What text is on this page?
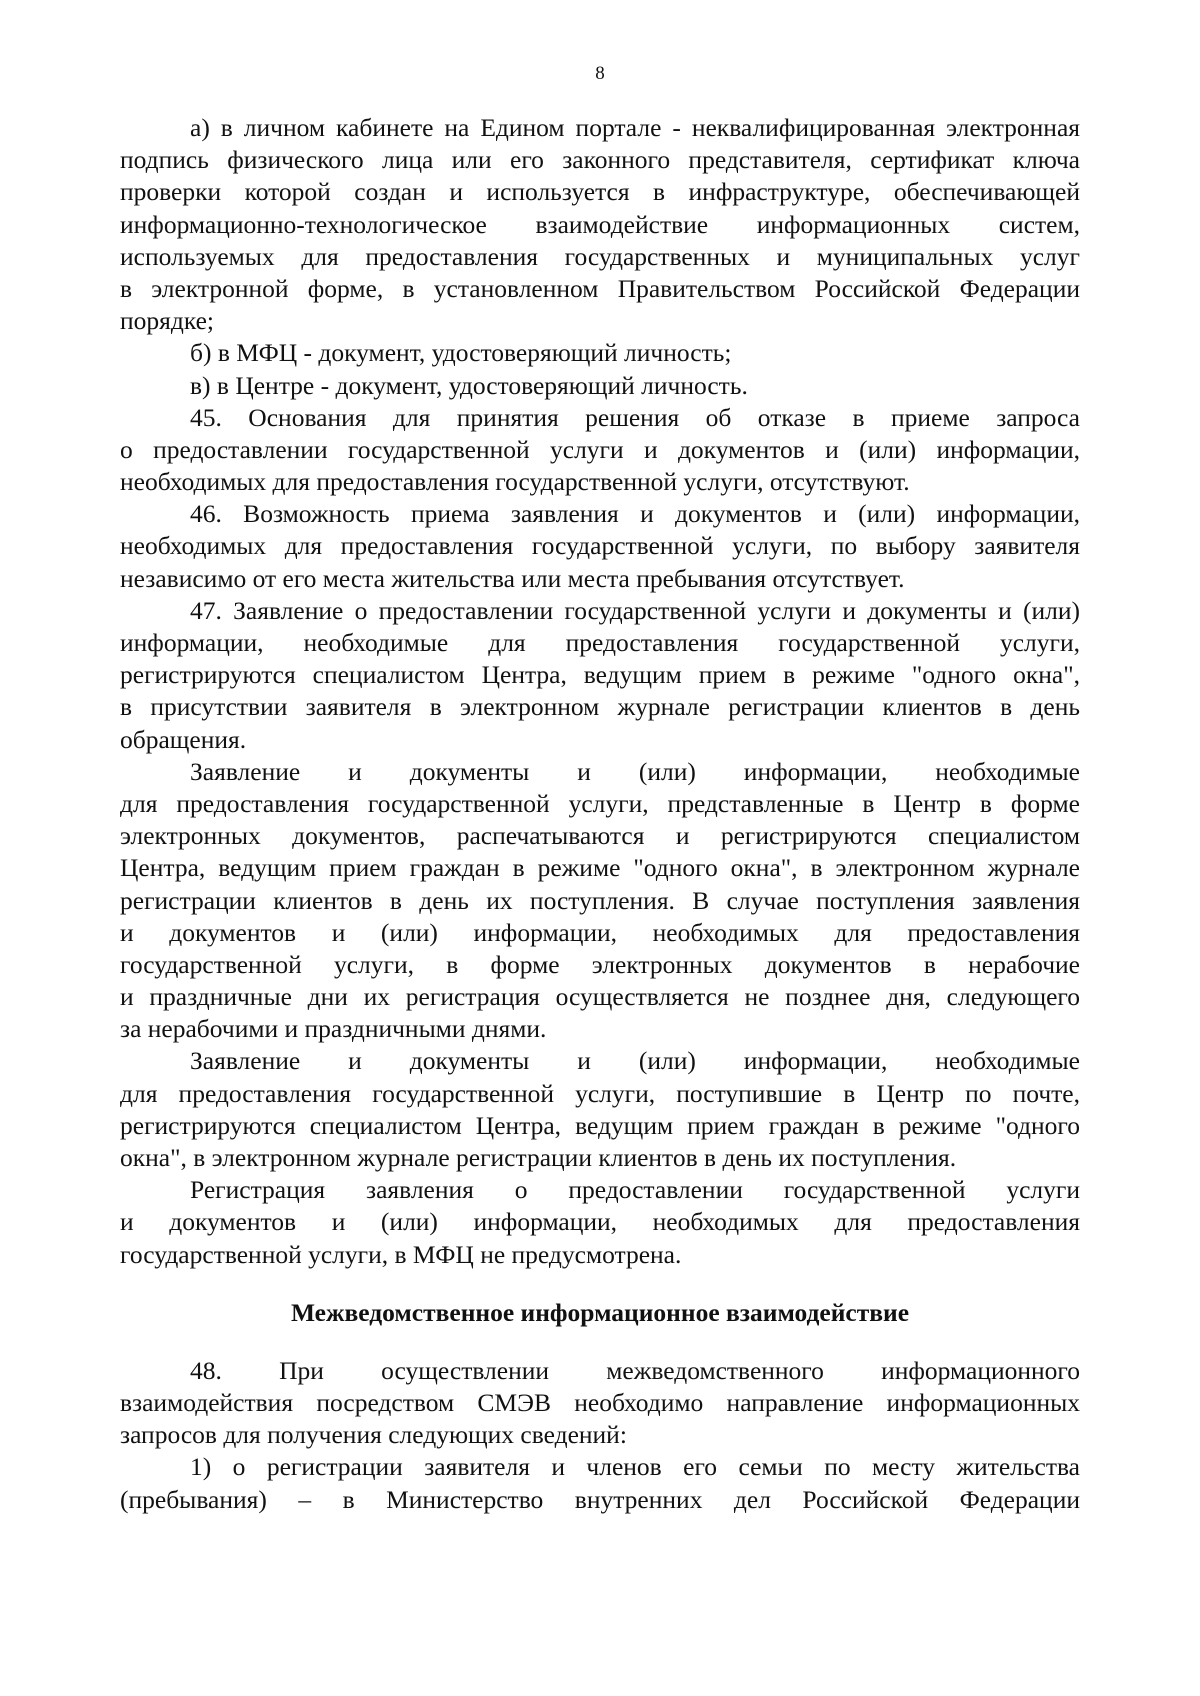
8
а) в личном кабинете на Едином портале - неквалифицированная электронная
подпись физического лица или его законного представителя, сертификат ключа
проверки которой создан и используется в инфраструктуре, обеспечивающей
информационно-технологическое взаимодействие информационных систем,
используемых для предоставления государственных и муниципальных услуг
в электронной форме, в установленном Правительством Российской Федерации
порядке;
б) в МФЦ - документ, удостоверяющий личность;
в) в Центре - документ, удостоверяющий личность.
45. Основания для принятия решения об отказе в приеме запроса
о предоставлении государственной услуги и документов и (или) информации,
необходимых для предоставления государственной услуги, отсутствуют.
46. Возможность приема заявления и документов и (или) информации,
необходимых для предоставления государственной услуги, по выбору заявителя
независимо от его места жительства или места пребывания отсутствует.
47. Заявление о предоставлении государственной услуги и документы и (или)
информации, необходимые для предоставления государственной услуги,
регистрируются специалистом Центра, ведущим прием в режиме "одного окна",
в присутствии заявителя в электронном журнале регистрации клиентов в день
обращения.
Заявление и документы и (или) информации, необходимые
для предоставления государственной услуги, представленные в Центр в форме
электронных документов, распечатываются и регистрируются специалистом
Центра, ведущим прием граждан в режиме "одного окна", в электронном журнале
регистрации клиентов в день их поступления. В случае поступления заявления
и документов и (или) информации, необходимых для предоставления
государственной услуги, в форме электронных документов в нерабочие
и праздничные дни их регистрация осуществляется не позднее дня, следующего
за нерабочими и праздничными днями.
Заявление и документы и (или) информации, необходимые
для предоставления государственной услуги, поступившие в Центр по почте,
регистрируются специалистом Центра, ведущим прием граждан в режиме "одного
окна", в электронном журнале регистрации клиентов в день их поступления.
Регистрация заявления о предоставлении государственной услуги
и документов и (или) информации, необходимых для предоставления
государственной услуги, в МФЦ не предусмотрена.
Межведомственное информационное взаимодействие
48. При осуществлении межведомственного информационного
взаимодействия посредством СМЭВ необходимо направление информационных
запросов для получения следующих сведений:
1) о регистрации заявителя и членов его семьи по месту жительства
(пребывания) – в Министерство внутренних дел Российской Федерации
